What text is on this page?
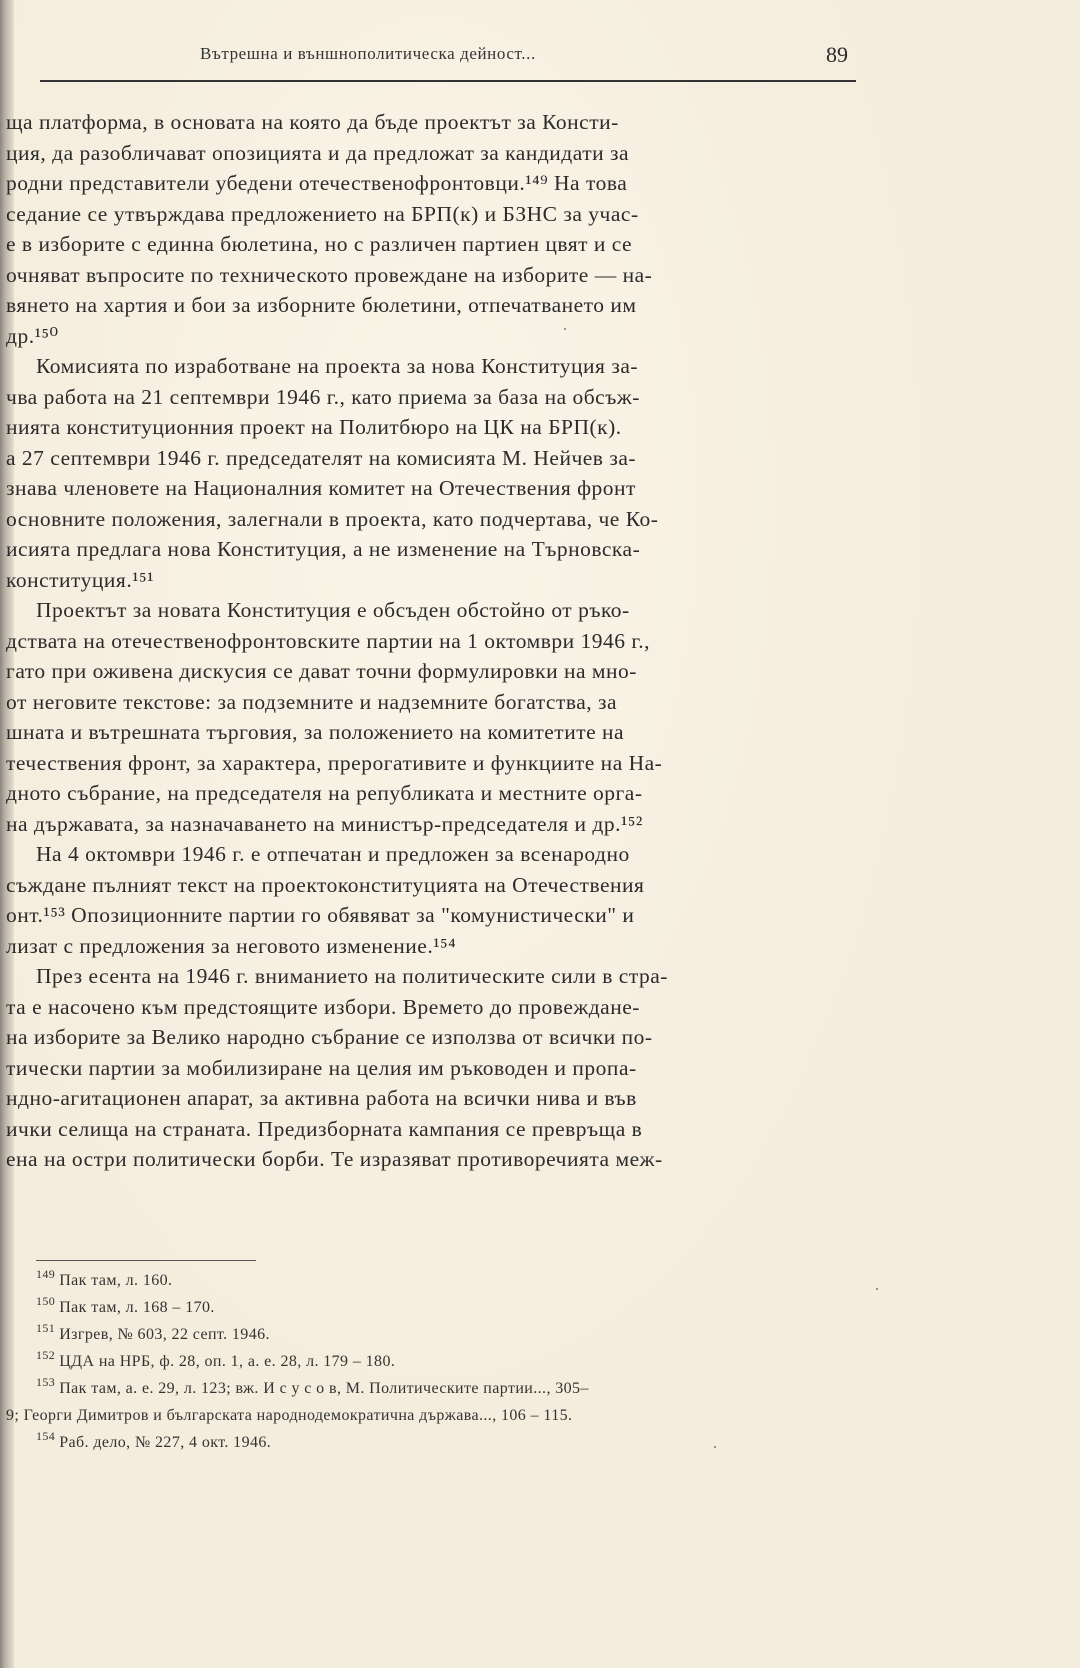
Вътрешна и външнополитическа дейност...	89
ща платформа, в основата на която да бъде проектът за Консти-
ция, да разобличават опозицията и да предложат за кандидати за
родни представители убедени отечественофронтовци.¹⁴⁹ На това
седание се утвърждава предложението на БРП(к) и БЗНС за учас-
е в изборите с единна бюлетина, но с различен партиен цвят и се
очняват въпросите по техническото провеждане на изборите — на-
вянето на хартия и бои за изборните бюлетини, отпечатването им
др.¹⁵⁰
Комисията по изработване на проекта за нова Конституция за-
чва работа на 21 септември 1946 г., като приема за база на обсъж-
нията конституционния проект на Политбюро на ЦК на БРП(к).
а 27 септември 1946 г. председателят на комисията М. Нейчев за-
знава членовете на Националния комитет на Отечествения фронт
основните положения, залегнали в проекта, като подчертава, че Ко-
исията предлага нова Конституция, а не изменение на Търновска-
конституция.¹⁵¹
Проектът за новата Конституция е обсъден обстойно от ръко-
дствата на отечественофронтовските партии на 1 октомври 1946 г.,
гато при оживена дискусия се дават точни формулировки на мно-
от неговите текстове: за подземните и надземните богатства, за
шната и вътрешната търговия, за положението на комитетите на
течествения фронт, за характера, прерогативите и функциите на На-
дното събрание, на председателя на републиката и местните орга-
на държавата, за назначаването на министър-председателя и др.¹⁵²
На 4 октомври 1946 г. е отпечатан и предложен за всенародно
съждане пълният текст на проектоконституцията на Отечествения
онт.¹⁵³ Опозиционните партии го обявяват за "комунистически" и
лизат с предложения за неговото изменение.¹⁵⁴
През есента на 1946 г. вниманието на политическите сили в стра-
та е насочено към предстоящите избори. Времето до провеждане-
на изборите за Велико народно събрание се използва от всички по-
тически партии за мобилизиране на целия им ръководен и пропа-
ндно-агитационен апарат, за активна работа на всички нива и във
ички селища на страната. Предизборната кампания се превръща в
ена на остри политически борби. Те изразяват противоречията меж-
$^{149}$ Пак там, л. 160.
$^{150}$ Пак там, л. 168 – 170.
$^{151}$ Изгрев, № 603, 22 септ. 1946.
$^{152}$ ЦДА на НРБ, ф. 28, оп. 1, а. е. 28, л. 179 – 180.
$^{153}$ Пак там, а. е. 29, л. 123; вж. И с у с о в, М. Политическите партии..., 305–
9; Георги Димитров и българската народнодемократична държава..., 106 – 115.
$^{154}$ Раб. дело, № 227, 4 окт. 1946.
